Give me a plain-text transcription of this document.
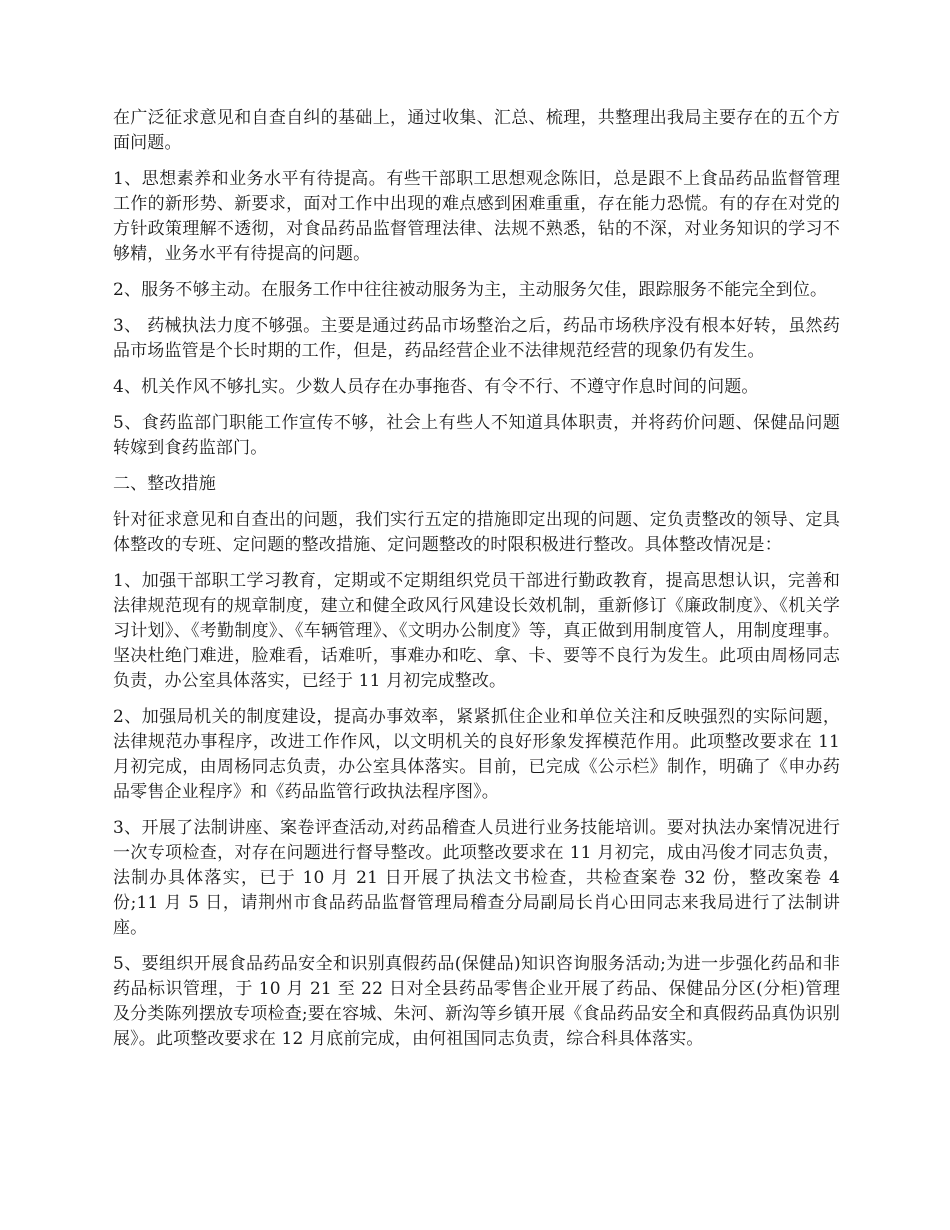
在广泛征求意见和自查自纠的基础上，通过收集、汇总、梳理，共整理出我局主要存在的五个方面问题。

1、思想素养和业务水平有待提高。有些干部职工思想观念陈旧，总是跟不上食品药品监督管理工作的新形势、新要求，面对工作中出现的难点感到困难重重，存在能力恐慌。有的存在对党的方针政策理解不透彻，对食品药品监督管理法律、法规不熟悉，钻的不深，对业务知识的学习不够精，业务水平有待提高的问题。

2、服务不够主动。在服务工作中往往被动服务为主，主动服务欠佳，跟踪服务不能完全到位。

3、 药械执法力度不够强。主要是通过药品市场整治之后，药品市场秩序没有根本好转，虽然药品市场监管是个长时期的工作，但是，药品经营企业不法律规范经营的现象仍有发生。

4、机关作风不够扎实。少数人员存在办事拖沓、有令不行、不遵守作息时间的问题。

5、食药监部门职能工作宣传不够，社会上有些人不知道具体职责，并将药价问题、保健品问题转嫁到食药监部门。

二、整改措施

针对征求意见和自查出的问题，我们实行五定的措施即定出现的问题、定负责整改的领导、定具体整改的专班、定问题的整改措施、定问题整改的时限积极进行整改。具体整改情况是：

1、加强干部职工学习教育，定期或不定期组织党员干部进行勤政教育，提高思想认识，完善和法律规范现有的规章制度，建立和健全政风行风建设长效机制，重新修订《廉政制度》、《机关学习计划》、《考勤制度》、《车辆管理》、《文明办公制度》等，真正做到用制度管人，用制度理事。坚决杜绝门难进，脸难看，话难听，事难办和吃、拿、卡、要等不良行为发生。此项由周杨同志负责，办公室具体落实，已经于 11 月初完成整改。

2、加强局机关的制度建设，提高办事效率，紧紧抓住企业和单位关注和反映强烈的实际问题，法律规范办事程序，改进工作作风，以文明机关的良好形象发挥模范作用。此项整改要求在 11 月初完成，由周杨同志负责，办公室具体落实。目前，已完成《公示栏》制作，明确了《申办药品零售企业程序》和《药品监管行政执法程序图》。

3、开展了法制讲座、案卷评查活动,对药品稽查人员进行业务技能培训。要对执法办案情况进行一次专项检查，对存在问题进行督导整改。此项整改要求在 11 月初完，成由冯俊才同志负责，法制办具体落实，已于 10 月 21 日开展了执法文书检查，共检查案卷 32 份，整改案卷 4 份;11 月 5 日，请荆州市食品药品监督管理局稽查分局副局长肖心田同志来我局进行了法制讲座。

5、要组织开展食品药品安全和识别真假药品(保健品)知识咨询服务活动;为进一步强化药品和非药品标识管理，于 10 月 21 至 22 日对全县药品零售企业开展了药品、保健品分区(分柜)管理及分类陈列摆放专项检查;要在容城、朱河、新沟等乡镇开展《食品药品安全和真假药品真伪识别展》。此项整改要求在 12 月底前完成，由何祖国同志负责，综合科具体落实。
